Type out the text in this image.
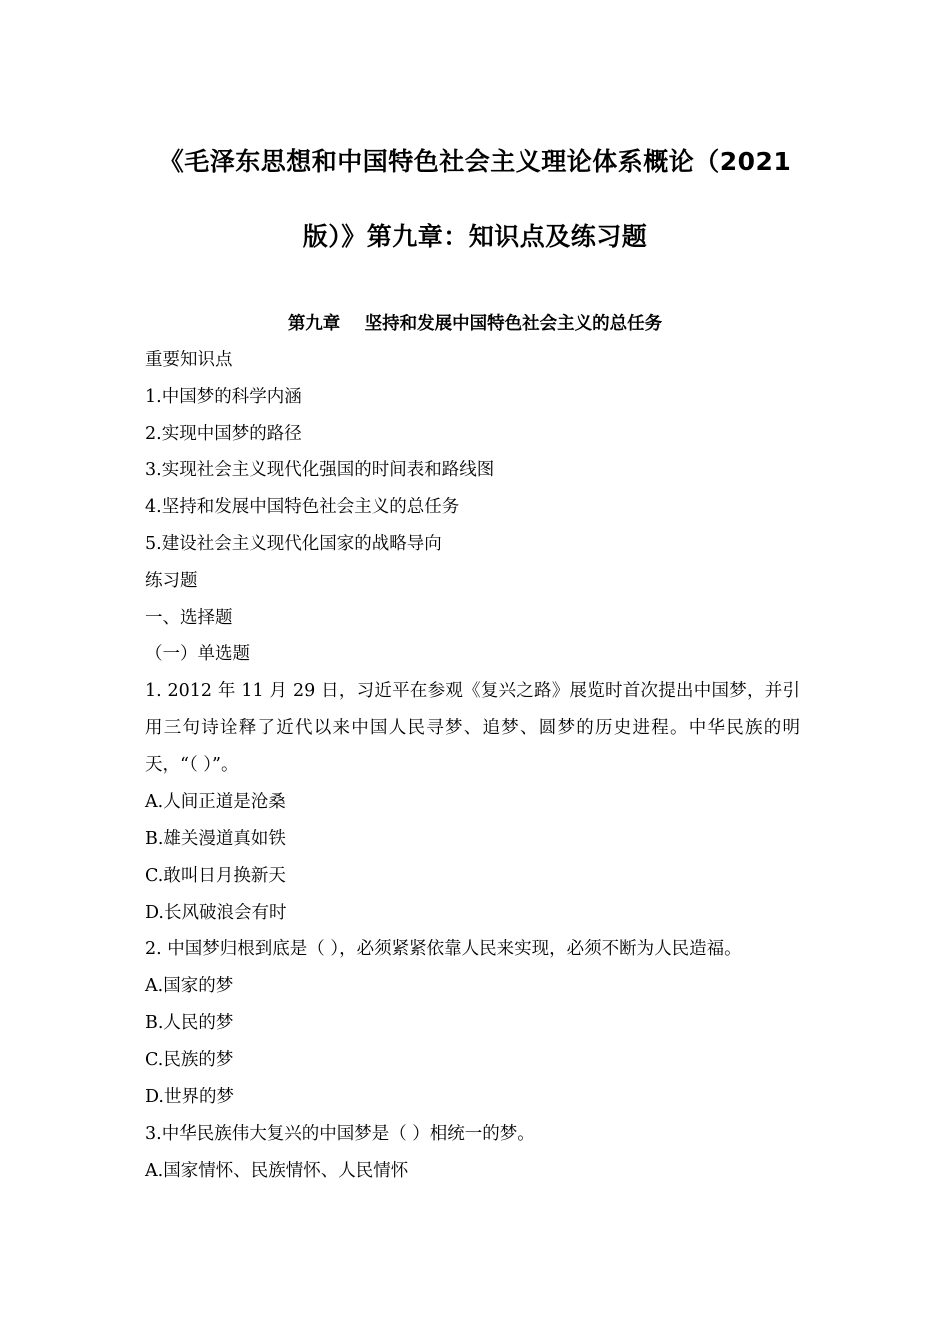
《毛泽东思想和中国特色社会主义理论体系概论（2021
版）》第九章：知识点及练习题
第九章    坚持和发展中国特色社会主义的总任务

重要知识点

1.中国梦的科学内涵

2.实现中国梦的路径

3.实现社会主义现代化强国的时间表和路线图

4.坚持和发展中国特色社会主义的总任务

5.建设社会主义现代化国家的战略导向

练习题

一、选择题

（一）单选题

1. 2012 年 11 月 29 日，习近平在参观《复兴之路》展览时首次提出中国梦，并引用三句诗诠释了近代以来中国人民寻梦、追梦、圆梦的历史进程。中华民族的明天，“（ ）”。

A.人间正道是沧桑

B.雄关漫道真如铁

C.敢叫日月换新天

D.长风破浪会有时

2. 中国梦归根到底是（ ），必须紧紧依靠人民来实现，必须不断为人民造福。

A.国家的梦

B.人民的梦

C.民族的梦

D.世界的梦

3.中华民族伟大复兴的中国梦是（ ）相统一的梦。

A.国家情怀、民族情怀、人民情怀
